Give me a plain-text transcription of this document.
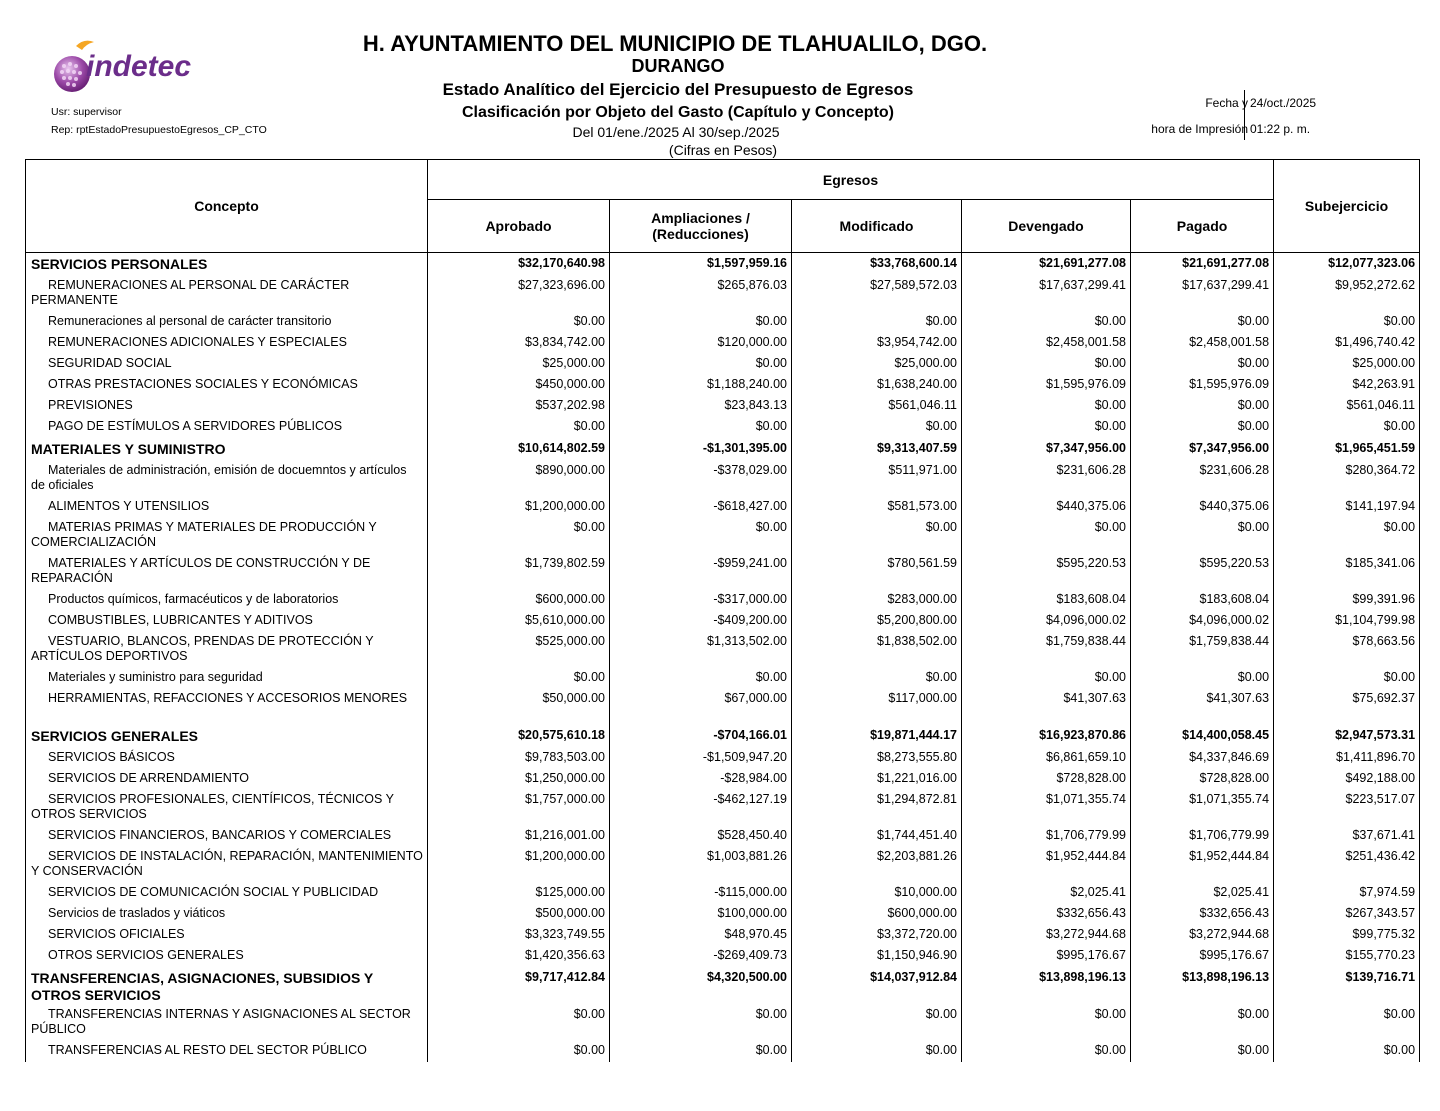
indetec
H. AYUNTAMIENTO DEL MUNICIPIO DE TLAHUALILO, DGO.
DURANGO
Estado Analítico del Ejercicio del Presupuesto de Egresos
Clasificación por Objeto del Gasto (Capítulo y Concepto)
Del 01/ene./2025 Al 30/sep./2025
(Cifras en Pesos)
Usr: supervisor
Rep: rptEstadoPresupuestoEgresos_CP_CTO
Fecha y 24/oct./2025
hora de Impresión 01:22 p. m.
Concepto	Egresos					Subejercicio
	Aprobado	Ampliaciones /
(Reducciones)	Modificado	Devengado	Pagado	
SERVICIOS PERSONALES	$32,170,640.98	$1,597,959.16	$33,768,600.14	$21,691,277.08	$21,691,277.08	$12,077,323.06
REMUNERACIONES AL PERSONAL DE CARÁCTER PERMANENTE	$27,323,696.00	$265,876.03	$27,589,572.03	$17,637,299.41	$17,637,299.41	$9,952,272.62
Remuneraciones al personal de carácter transitorio	$0.00	$0.00	$0.00	$0.00	$0.00	$0.00
REMUNERACIONES ADICIONALES Y ESPECIALES	$3,834,742.00	$120,000.00	$3,954,742.00	$2,458,001.58	$2,458,001.58	$1,496,740.42
SEGURIDAD SOCIAL	$25,000.00	$0.00	$25,000.00	$0.00	$0.00	$25,000.00
OTRAS PRESTACIONES SOCIALES Y ECONÓMICAS	$450,000.00	$1,188,240.00	$1,638,240.00	$1,595,976.09	$1,595,976.09	$42,263.91
PREVISIONES	$537,202.98	$23,843.13	$561,046.11	$0.00	$0.00	$561,046.11
PAGO DE ESTÍMULOS A SERVIDORES PÚBLICOS	$0.00	$0.00	$0.00	$0.00	$0.00	$0.00
MATERIALES Y SUMINISTRO	$10,614,802.59	-$1,301,395.00	$9,313,407.59	$7,347,956.00	$7,347,956.00	$1,965,451.59
Materiales de administración, emisión de docuemntos y artículos de oficiales	$890,000.00	-$378,029.00	$511,971.00	$231,606.28	$231,606.28	$280,364.72
ALIMENTOS Y UTENSILIOS	$1,200,000.00	-$618,427.00	$581,573.00	$440,375.06	$440,375.06	$141,197.94
MATERIAS PRIMAS Y MATERIALES DE PRODUCCIÓN Y COMERCIALIZACIÓN	$0.00	$0.00	$0.00	$0.00	$0.00	$0.00
MATERIALES Y ARTÍCULOS DE CONSTRUCCIÓN Y DE REPARACIÓN	$1,739,802.59	-$959,241.00	$780,561.59	$595,220.53	$595,220.53	$185,341.06
Productos químicos, farmacéuticos y de laboratorios	$600,000.00	-$317,000.00	$283,000.00	$183,608.04	$183,608.04	$99,391.96
COMBUSTIBLES, LUBRICANTES Y ADITIVOS	$5,610,000.00	-$409,200.00	$5,200,800.00	$4,096,000.02	$4,096,000.02	$1,104,799.98
VESTUARIO, BLANCOS, PRENDAS DE PROTECCIÓN Y ARTÍCULOS DEPORTIVOS	$525,000.00	$1,313,502.00	$1,838,502.00	$1,759,838.44	$1,759,838.44	$78,663.56
Materiales y suministro para seguridad	$0.00	$0.00	$0.00	$0.00	$0.00	$0.00
HERRAMIENTAS, REFACCIONES Y ACCESORIOS MENORES	$50,000.00	$67,000.00	$117,000.00	$41,307.63	$41,307.63	$75,692.37
SERVICIOS GENERALES	$20,575,610.18	-$704,166.01	$19,871,444.17	$16,923,870.86	$14,400,058.45	$2,947,573.31
SERVICIOS BÁSICOS	$9,783,503.00	-$1,509,947.20	$8,273,555.80	$6,861,659.10	$4,337,846.69	$1,411,896.70
SERVICIOS DE ARRENDAMIENTO	$1,250,000.00	-$28,984.00	$1,221,016.00	$728,828.00	$728,828.00	$492,188.00
SERVICIOS PROFESIONALES, CIENTÍFICOS, TÉCNICOS Y OTROS SERVICIOS	$1,757,000.00	-$462,127.19	$1,294,872.81	$1,071,355.74	$1,071,355.74	$223,517.07
SERVICIOS FINANCIEROS, BANCARIOS Y COMERCIALES	$1,216,001.00	$528,450.40	$1,744,451.40	$1,706,779.99	$1,706,779.99	$37,671.41
SERVICIOS DE INSTALACIÓN, REPARACIÓN, MANTENIMIENTO Y CONSERVACIÓN	$1,200,000.00	$1,003,881.26	$2,203,881.26	$1,952,444.84	$1,952,444.84	$251,436.42
SERVICIOS DE COMUNICACIÓN SOCIAL Y PUBLICIDAD	$125,000.00	-$115,000.00	$10,000.00	$2,025.41	$2,025.41	$7,974.59
Servicios de traslados y viáticos	$500,000.00	$100,000.00	$600,000.00	$332,656.43	$332,656.43	$267,343.57
SERVICIOS OFICIALES	$3,323,749.55	$48,970.45	$3,372,720.00	$3,272,944.68	$3,272,944.68	$99,775.32
OTROS SERVICIOS GENERALES	$1,420,356.63	-$269,409.73	$1,150,946.90	$995,176.67	$995,176.67	$155,770.23
TRANSFERENCIAS, ASIGNACIONES, SUBSIDIOS Y OTROS SERVICIOS	$9,717,412.84	$4,320,500.00	$14,037,912.84	$13,898,196.13	$13,898,196.13	$139,716.71
TRANSFERENCIAS INTERNAS Y ASIGNACIONES AL SECTOR PÚBLICO	$0.00	$0.00	$0.00	$0.00	$0.00	$0.00
TRANSFERENCIAS AL RESTO DEL SECTOR PÚBLICO	$0.00	$0.00	$0.00	$0.00	$0.00	$0.00
